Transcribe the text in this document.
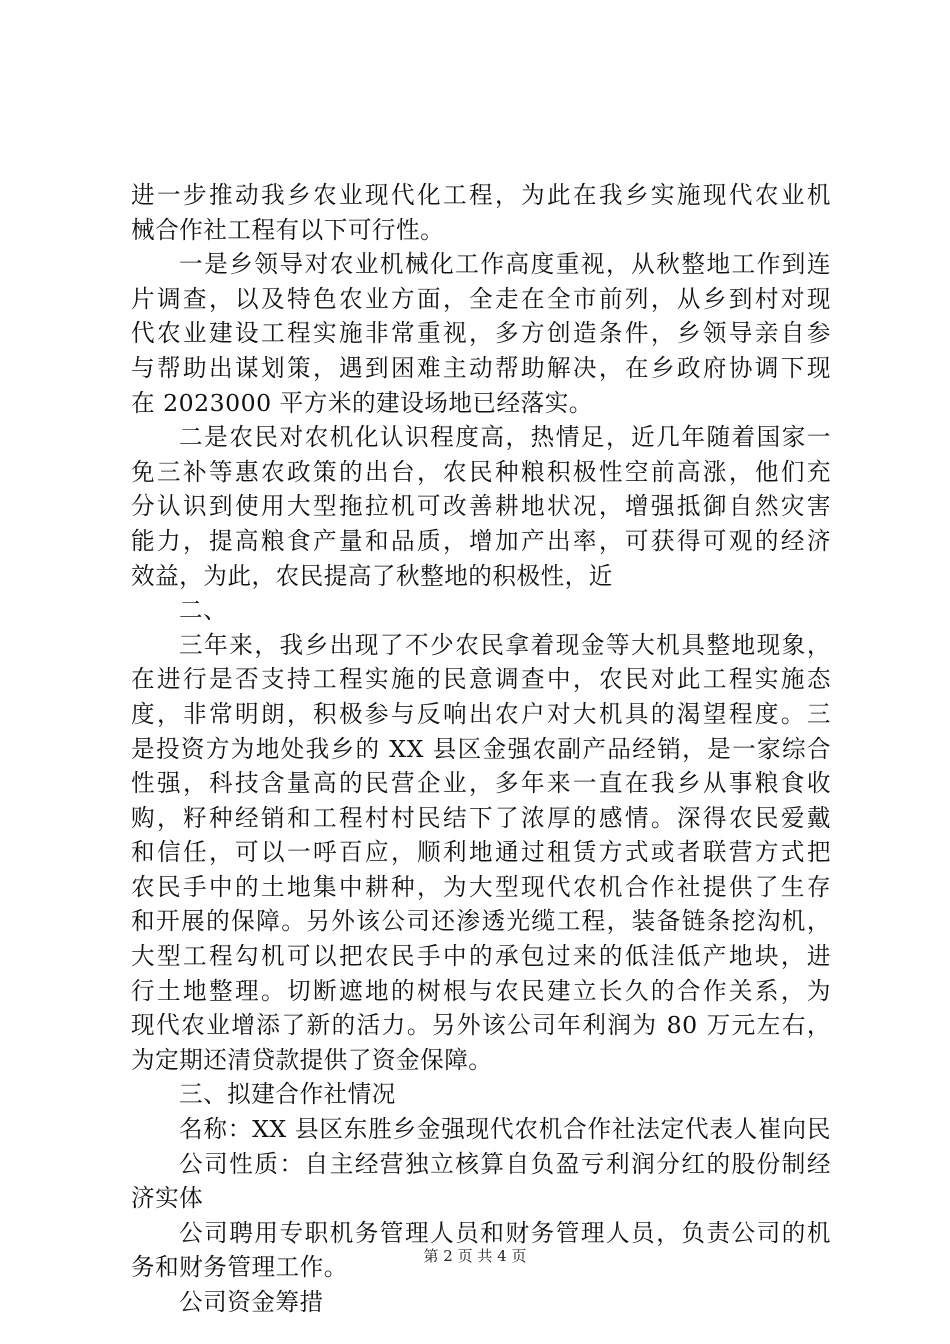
进一步推动我乡农业现代化工程，为此在我乡实施现代农业机
械合作社工程有以下可行性。
一是乡领导对农业机械化工作高度重视，从秋整地工作到连
片调查，以及特色农业方面，全走在全市前列，从乡到村对现
代农业建设工程实施非常重视，多方创造条件，乡领导亲自参
与帮助出谋划策，遇到困难主动帮助解决，在乡政府协调下现
在 2023000 平方米的建设场地已经落实。
二是农民对农机化认识程度高，热情足，近几年随着国家一
免三补等惠农政策的出台，农民种粮积极性空前高涨，他们充
分认识到使用大型拖拉机可改善耕地状况，增强抵御自然灾害
能力，提高粮食产量和品质，增加产出率，可获得可观的经济
效益，为此，农民提高了秋整地的积极性，近
二、
三年来，我乡出现了不少农民拿着现金等大机具整地现象，
在进行是否支持工程实施的民意调查中，农民对此工程实施态
度，非常明朗，积极参与反响出农户对大机具的渴望程度。三
是投资方为地处我乡的 XX 县区金强农副产品经销，是一家综合
性强，科技含量高的民营企业，多年来一直在我乡从事粮食收
购，籽种经销和工程村村民结下了浓厚的感情。深得农民爱戴
和信任，可以一呼百应，顺利地通过租赁方式或者联营方式把
农民手中的土地集中耕种，为大型现代农机合作社提供了生存
和开展的保障。另外该公司还渗透光缆工程，装备链条挖沟机，
大型工程勾机可以把农民手中的承包过来的低洼低产地块，进
行土地整理。切断遮地的树根与农民建立长久的合作关系，为
现代农业增添了新的活力。另外该公司年利润为 80 万元左右，
为定期还清贷款提供了资金保障。
三、拟建合作社情况
名称：XX 县区东胜乡金强现代农机合作社法定代表人崔向民
公司性质：自主经营独立核算自负盈亏利润分红的股份制经
济实体
公司聘用专职机务管理人员和财务管理人员，负责公司的机
务和财务管理工作。
公司资金筹措
第 2 页 共 4 页
